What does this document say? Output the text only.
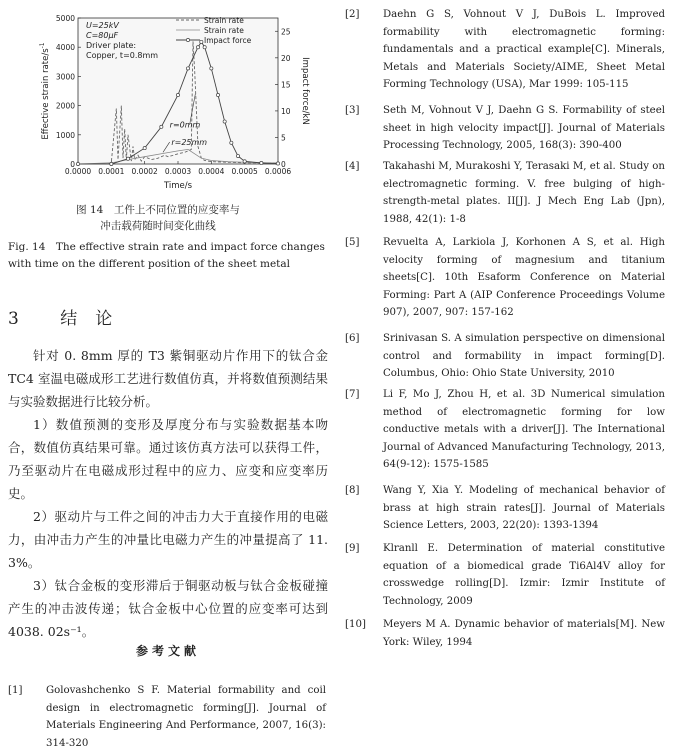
0.0000 0.0001 0.0002 0.0003 0.0004 0.0005 0.0006
0
1000
2000
3000
4000
5000
0
5
10
15
20
25
Time/s
Effective strain rate/$s^{-1}$
Impact force/kN
Strain rate
Strain rate
Impact force
U=25kV
C=80μF
Driver plate:
Copper, t=0.8mm
r=0mm
r=25mm
图 14　工件上不同位置的应变率与
冲击载荷随时间变化曲线
Fig. 14　The effective strain rate and impact force changes with time on the different position of the sheet metal
3 结论

针对 0. 8mm 厚的 T3 紫铜驱动片作用下的钛合金 TC4 室温电磁成形工艺进行数值仿真，并将数值预测结果与实验数据进行比较分析。

1）数值预测的变形及厚度分布与实验数据基本吻合，数值仿真结果可靠。通过该仿真方法可以获得工件，乃至驱动片在电磁成形过程中的应力、应变和应变率历史。

2）驱动片与工件之间的冲击力大于直接作用的电磁力，由冲击力产生的冲量比电磁力产生的冲量提高了 11. 3%。

3）钛合金板的变形滞后于铜驱动板与钛合金板碰撞产生的冲击波传递；钛合金板中心位置的应变率可达到 4038. 02s⁻¹。

参考文献
[1]	Golovashchenko S F. Material formability and coil design in electromagnetic forming[J]. Journal of Materials Engineering And Performance, 2007, 16(3): 314-320
[2]	Daehn G S, Vohnout V J, DuBois L. Improved formability with electromagnetic forming: fundamentals and a practical example[C]. Minerals, Metals and Materials Society/AIME, Sheet Metal Forming Technology (USA), Mar 1999: 105-115
[3]	Seth M, Vohnout V J, Daehn G S. Formability of steel sheet in high velocity impact[J]. Journal of Materials Processing Technology, 2005, 168(3): 390-400
[4]	Takahashi M, Murakoshi Y, Terasaki M, et al. Study on electromagnetic forming. V. free bulging of high-strength-metal plates. II[J]. J Mech Eng Lab (Jpn), 1988, 42(1): 1-8
[5]	Revuelta A, Larkiola J, Korhonen A S, et al. High velocity forming of magnesium and titanium sheets[C]. 10th Esaform Conference on Material Forming: Part A (AIP Conference Proceedings Volume 907), 2007, 907: 157-162
[6]	Srinivasan S. A simulation perspective on dimensional control and formability in impact forming[D]. Columbus, Ohio: Ohio State University, 2010
[7]	Li F, Mo J, Zhou H, et al. 3D Numerical simulation method of electromagnetic forming for low conductive metals with a driver[J]. The International Journal of Advanced Manufacturing Technology, 2013, 64(9-12): 1575-1585
[8]	Wang Y, Xia Y. Modeling of mechanical behavior of brass at high strain rates[J]. Journal of Materials Science Letters, 2003, 22(20): 1393-1394
[9]	Klranll E. Determination of material constitutive equation of a biomedical grade Ti6Al4V alloy for crosswedge rolling[D]. Izmir: Izmir Institute of Technology, 2009
[10]	Meyers M A. Dynamic behavior of materials[M]. New York: Wiley, 1994
